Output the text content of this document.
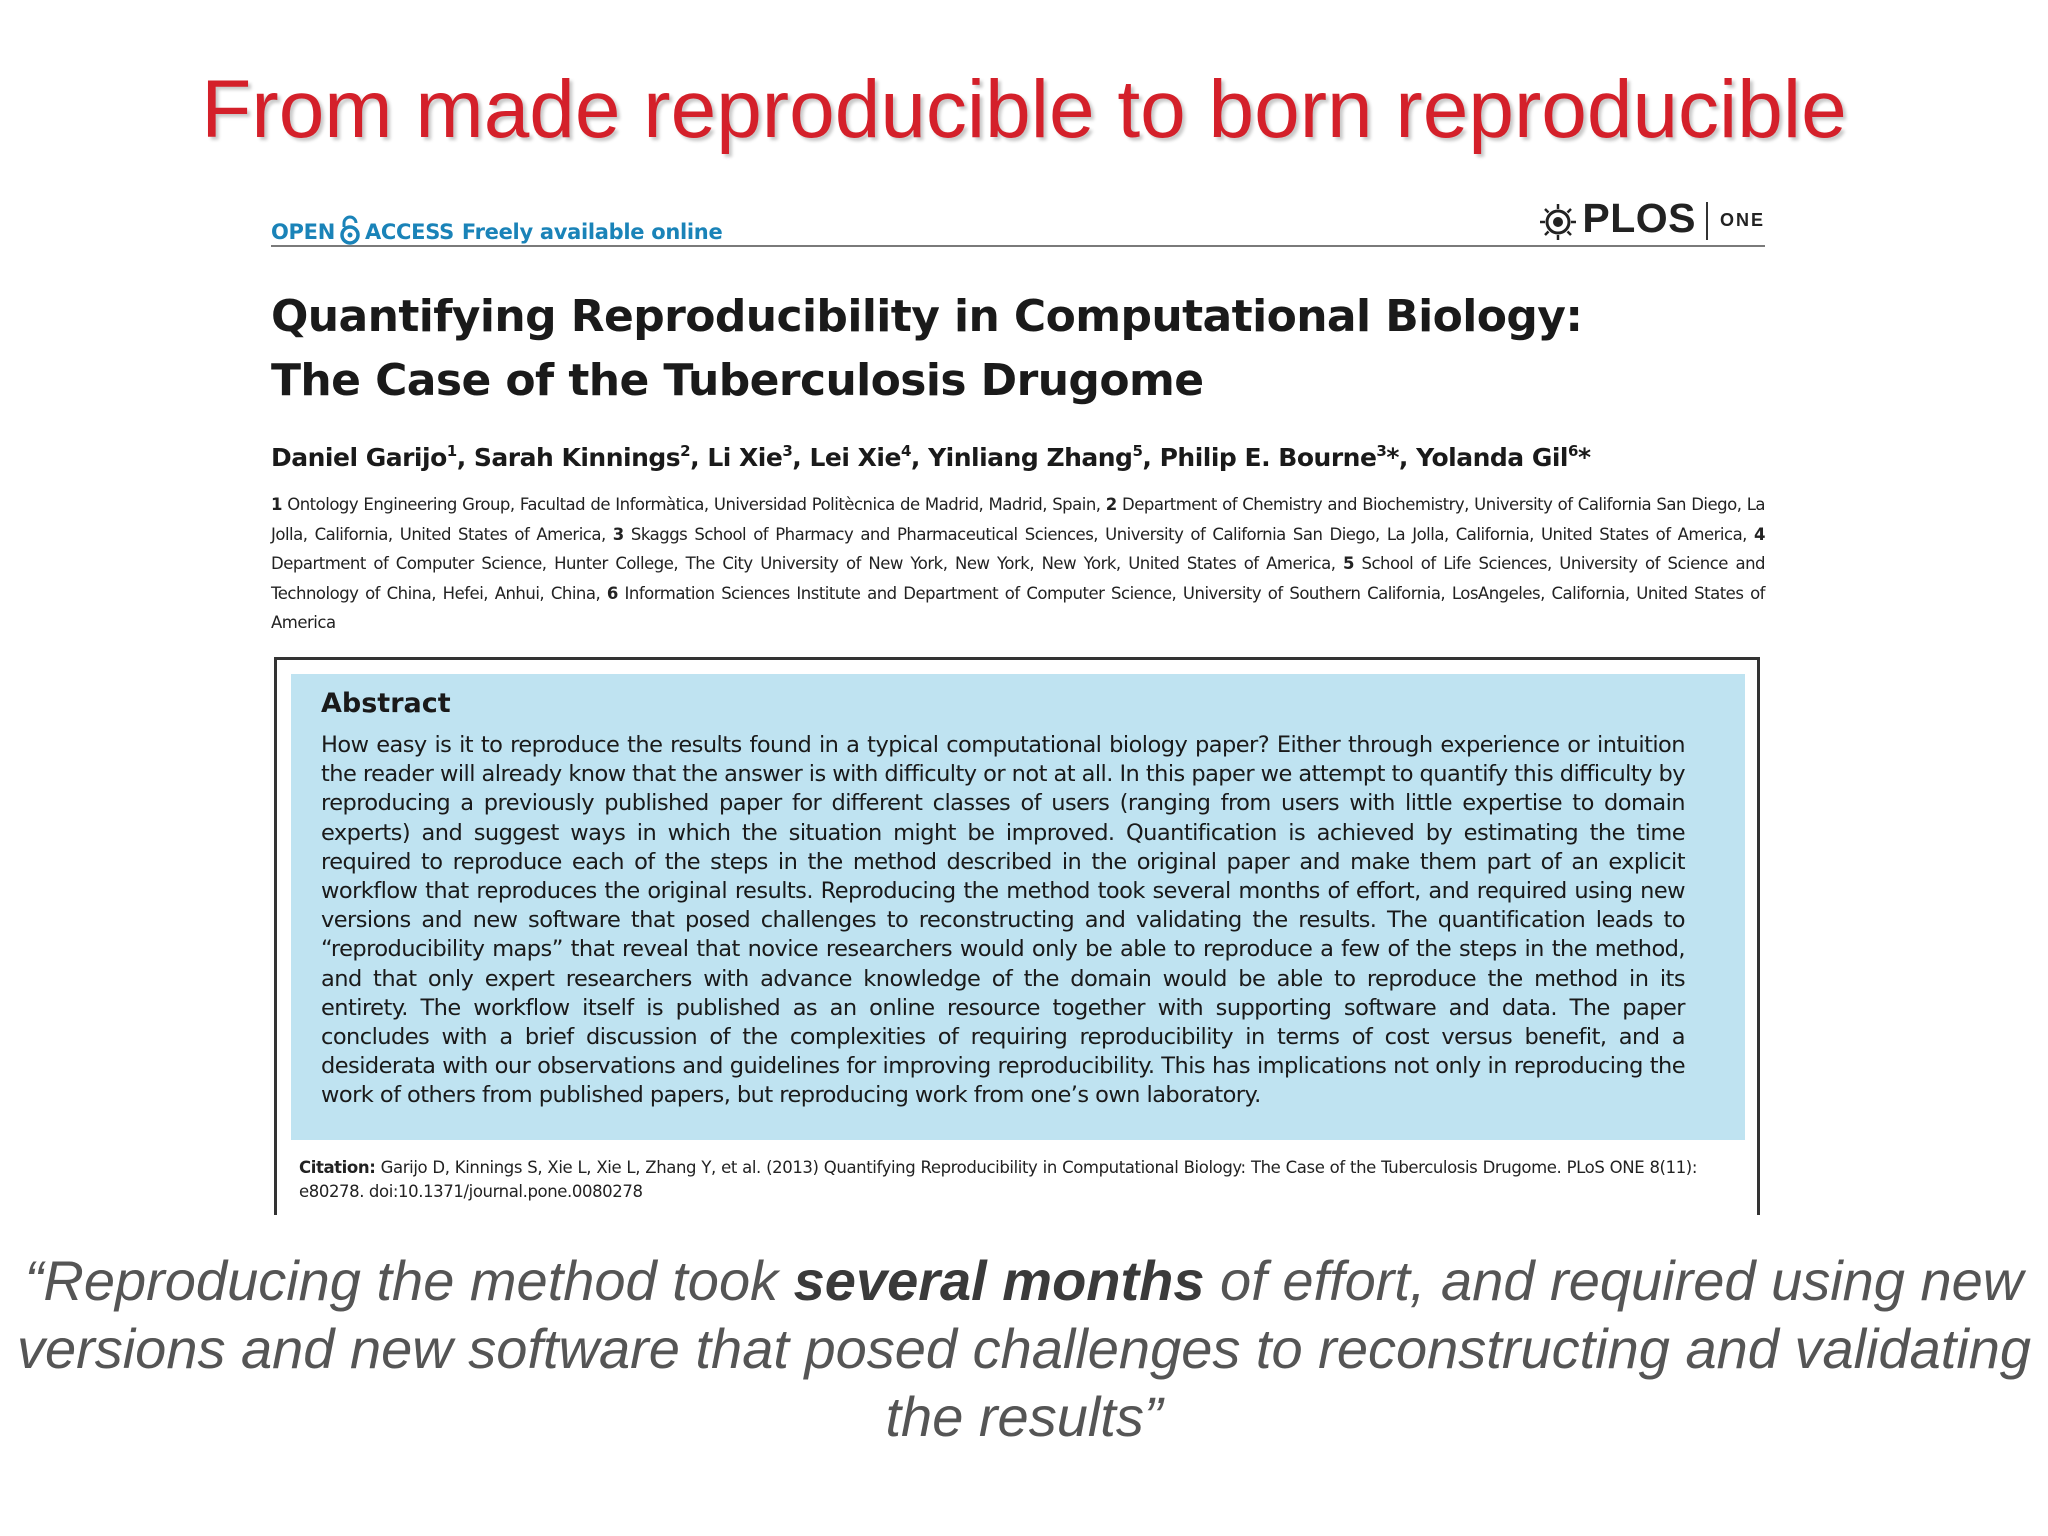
From made reproducible to born reproducible
OPEN ACCESS Freely available online	PLOS ONE
Quantifying Reproducibility in Computational Biology:
The Case of the Tuberculosis Drugome
Daniel Garijo$^1$, Sarah Kinnings$^2$, Li Xie$^3$, Lei Xie$^4$, Yinliang Zhang$^5$, Philip E. Bourne$^3$*, Yolanda Gil$^6$*
1 Ontology Engineering Group, Facultad de Informàtica, Universidad Politècnica de Madrid, Madrid, Spain, 2 Department of Chemistry and Biochemistry, University of California San Diego, La Jolla, California, United States of America, 3 Skaggs School of Pharmacy and Pharmaceutical Sciences, University of California San Diego, La Jolla, California, United States of America, 4 Department of Computer Science, Hunter College, The City University of New York, New York, New York, United States of America, 5 School of Life Sciences, University of Science and Technology of China, Hefei, Anhui, China, 6 Information Sciences Institute and Department of Computer Science, University of Southern California, LosAngeles, California, United States of America
Abstract
How easy is it to reproduce the results found in a typical computational biology paper? Either through experience or intuition the reader will already know that the answer is with difficulty or not at all. In this paper we attempt to quantify this difficulty by reproducing a previously published paper for different classes of users (ranging from users with little expertise to domain experts) and suggest ways in which the situation might be improved. Quantification is achieved by estimating the time required to reproduce each of the steps in the method described in the original paper and make them part of an explicit workflow that reproduces the original results. Reproducing the method took several months of effort, and required using new versions and new software that posed challenges to reconstructing and validating the results. The quantification leads to “reproducibility maps” that reveal that novice researchers would only be able to reproduce a few of the steps in the method, and that only expert researchers with advance knowledge of the domain would be able to reproduce the method in its entirety. The workflow itself is published as an online resource together with supporting software and data. The paper concludes with a brief discussion of the complexities of requiring reproducibility in terms of cost versus benefit, and a desiderata with our observations and guidelines for improving reproducibility. This has implications not only in reproducing the work of others from published papers, but reproducing work from one’s own laboratory.
Citation: Garijo D, Kinnings S, Xie L, Xie L, Zhang Y, et al. (2013) Quantifying Reproducibility in Computational Biology: The Case of the Tuberculosis Drugome. PLoS ONE 8(11): e80278. doi:10.1371/journal.pone.0080278
“Reproducing the method took several months of effort, and required using new versions and new software that posed challenges to reconstructing and validating the results”
